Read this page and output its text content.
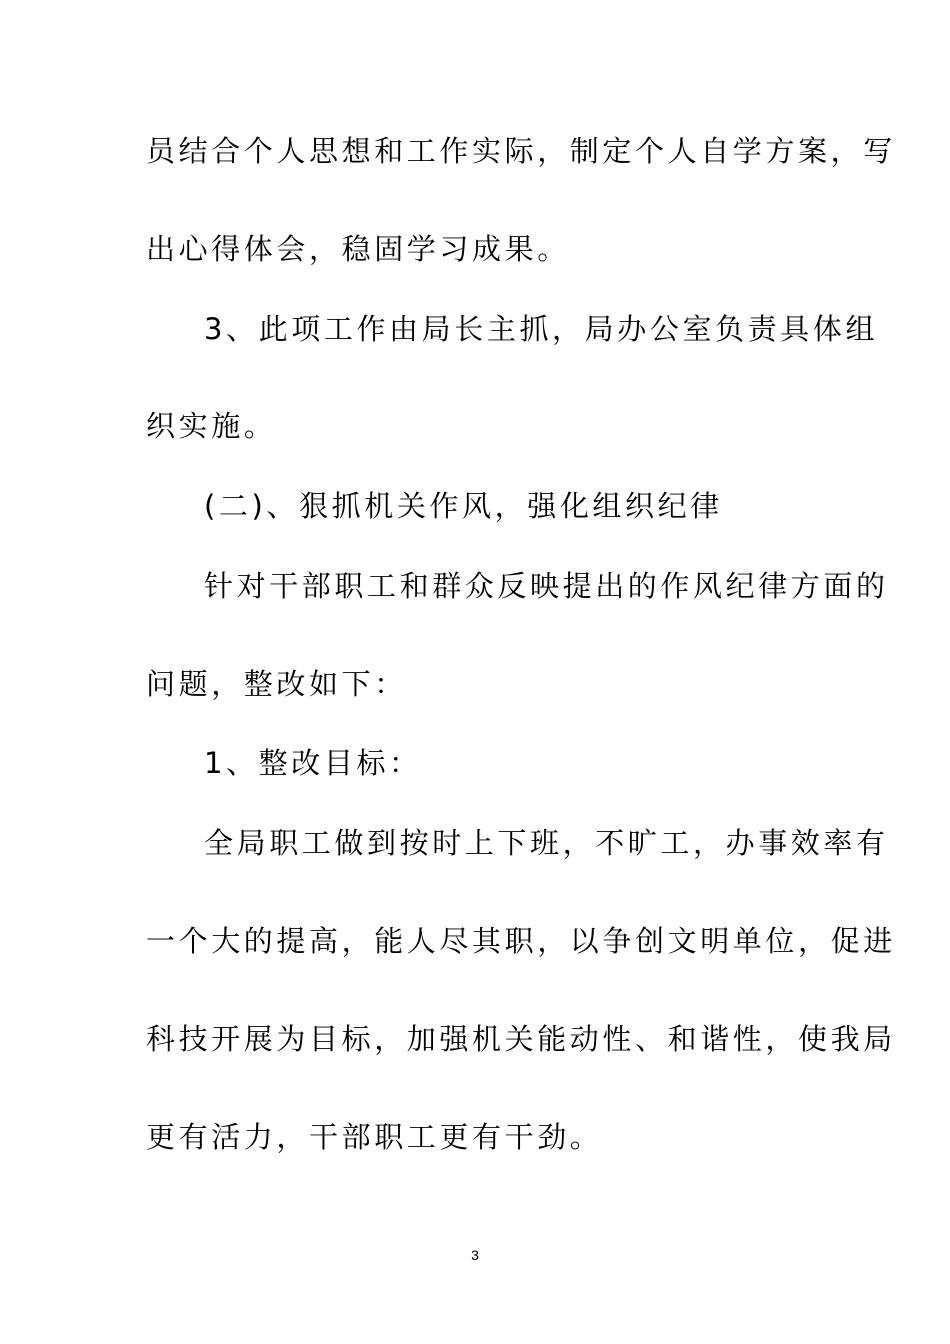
员结合个人思想和工作实际，制定个人自学方案，写
出心得体会，稳固学习成果。
3、此项工作由局长主抓，局办公室负责具体组
织实施。
(二)、狠抓机关作风，强化组织纪律
针对干部职工和群众反映提出的作风纪律方面的
问题，整改如下：
1、整改目标：
全局职工做到按时上下班，不旷工，办事效率有
一个大的提高，能人尽其职，以争创文明单位，促进
科技开展为目标，加强机关能动性、和谐性，使我局
更有活力，干部职工更有干劲。
3
